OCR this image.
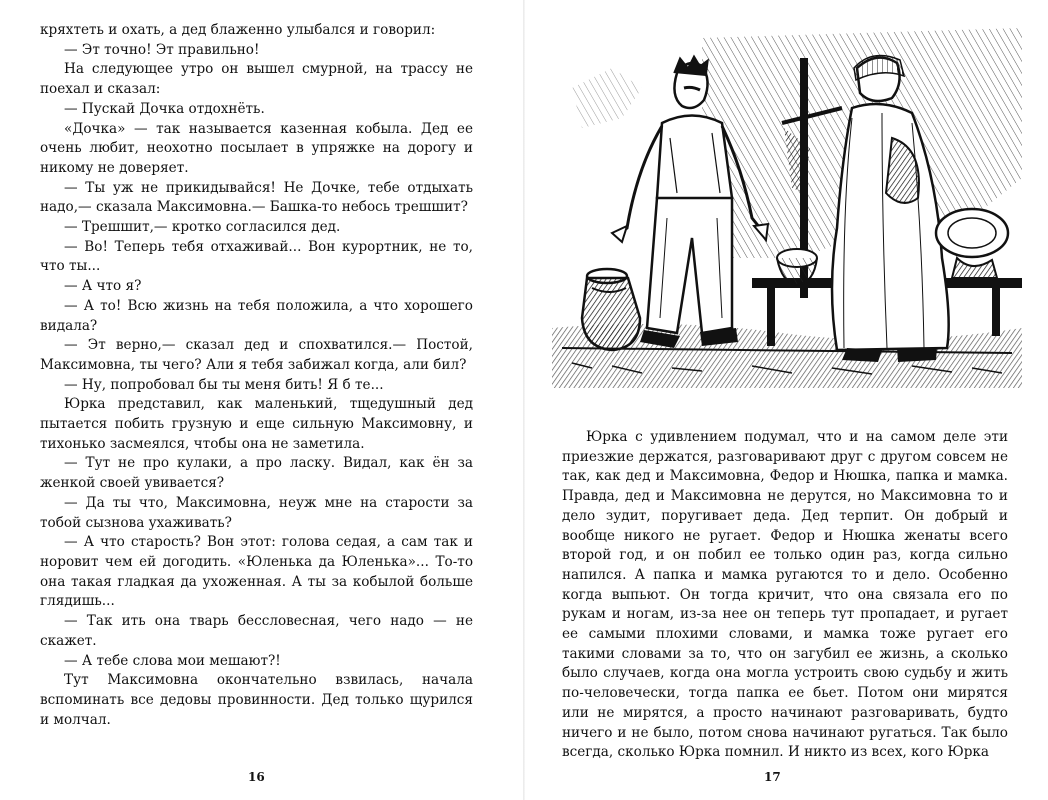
кряхтеть и охать, а дед блаженно улыбался и говорил:

— Эт точно! Эт правильно!

На следующее утро он вышел смурной, на трассу не поехал и сказал:

— Пускай Дочка отдохнёть.

«Дочка» — так называется казенная кобыла. Дед ее очень любит, неохотно посылает в упряжке на дорогу и никому не доверяет.

— Ты уж не прикидывайся! Не Дочке, тебе отдыхать надо,— сказала Максимовна.— Башка-то небось трешшит?

— Трешшит,— кротко согласился дед.

— Во! Теперь тебя отхаживай... Вон курортник, не то, что ты...

— А что я?

— А то! Всю жизнь на тебя положила, а что хорошего видала?

— Эт верно,— сказал дед и спохватился.— Постой, Максимовна, ты чего? Али я тебя забижал когда, али бил?

— Ну, попробовал бы ты меня бить! Я б те...

Юрка представил, как маленький, тщедушный дед пытается побить грузную и еще сильную Максимовну, и тихонько засмеялся, чтобы она не заметила.

— Тут не про кулаки, а про ласку. Видал, как ён за женкой своей увивается?

— Да ты что, Максимовна, неуж мне на старости за тобой сызнова ухаживать?

— А что старость? Вон этот: голова седая, а сам так и норовит чем ей догодить. «Юленька да Юленька»... То-то она такая гладкая да ухоженная. А ты за кобылой больше глядишь...

— Так ить она тварь бессловесная, чего надо — не скажет.

— А тебе слова мои мешают?!

Тут Максимовна окончательно взвилась, начала вспоминать все дедовы провинности. Дед только щурился и молчал.

16

Юрка с удивлением подумал, что и на самом деле эти приезжие держатся, разговаривают друг с другом совсем не так, как дед и Максимовна, Федор и Нюшка, папка и мамка. Правда, дед и Максимовна не дерутся, но Максимовна то и дело зудит, поругивает деда. Дед терпит. Он добрый и вообще никого не ругает. Федор и Нюшка женаты всего второй год, и он побил ее только один раз, когда сильно напился. А папка и мамка ругаются то и дело. Особенно когда выпьют. Он тогда кричит, что она связала его по рукам и ногам, из-за нее он теперь тут пропадает, и ругает ее самыми плохими словами, и мамка тоже ругает его такими словами за то, что он загубил ее жизнь, а сколько было случаев, когда она могла устроить свою судьбу и жить по-человечески, тогда папка ее бьет. Потом они мирятся или не мирятся, а просто начинают разговаривать, будто ничего и не было, потом снова начинают ругаться. Так было всегда, сколько Юрка помнил. И никто из всех, кого Юрка

17
